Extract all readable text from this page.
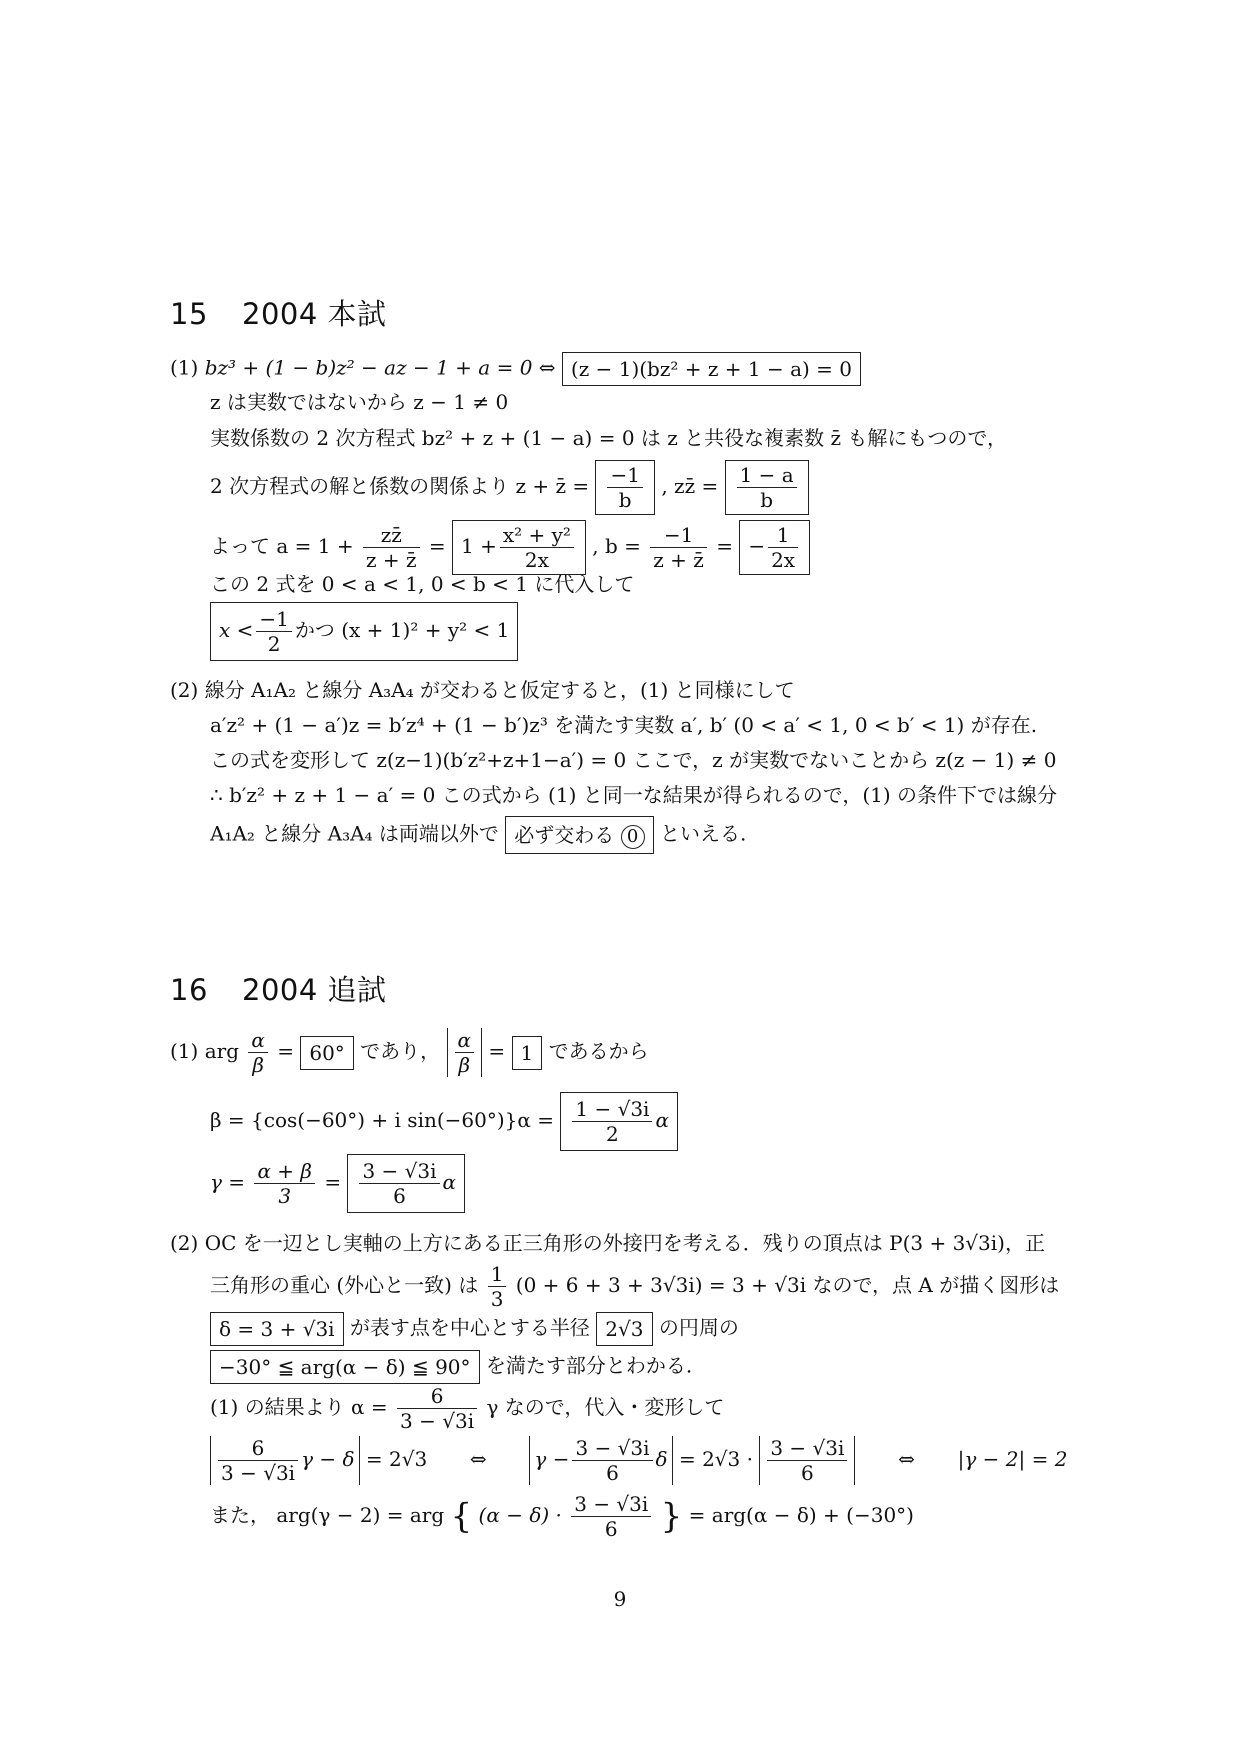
15 2004 本試
(1) bz³ + (1 − b)z² − az − 1 + a = 0 ⇔ (z − 1)(bz² + z + 1 − a) = 0
z は実数ではないから z − 1 ≠ 0
実数係数の 2 次方程式 bz² + z + (1 − a) = 0 は z と共役な複素数 z̄ も解にもつので，
2 次方程式の解と係数の関係より z + z̄ = $\frac{-1}{b}$ , zz̄ = $\frac{1 - a}{b}$
よって $a = 1 + \frac{zz̄}{z + z̄} = 1 + \frac{\text{x² + y²}}{2x}$ , $b = \frac{-1}{z + z̄}$ = − $\frac{1}{2x}$
この 2 式を 0 < a < 1, 0 < b < 1 に代入して
$x < \frac{-1}{2}$ かつ (x + 1)² + y² < 1
(2) 線分 A₁A₂ と線分 A₃A₄ が交わると仮定すると，(1) と同様にして
a′z² + (1 − a′)z = b′z⁴ + (1 − b′)z³ を満たす実数 a′, b′ (0 < a′ < 1, 0 < b′ < 1) が存在.
この式を変形して z(z−1)(b′z²+z+1−a′) = 0 ここで，z が実数でないことから z(z − 1) ≠ 0
∴ b′z² + z + 1 − a′ = 0 この式から (1) と同一な結果が得られるので，(1) の条件下では線分
A₁A₂ と線分 A₃A₄ は両端以外で 必ず交わる 0 といえる.
16 2004 追試
(1) arg $\frac{\alpha}{\beta} = 60^\circ$ であり， $\frac{\alpha}{\beta} = 1$ であるから
β = {cos(−60°) + i $\sin(-60^\circ)\}\alpha = \frac{1 - √3i}{2}$ α
$\gamma = \frac{\alpha + \beta}{3} = \frac{3 - √3i}{6}$ α
(2) OC を一辺とし実軸の上方にある正三角形の外接円を考える．残りの頂点は P(3 + 3√3i)，正
三角形の重心 (外心と一致) は $\frac{1}{3} (0 + 6 + 3 + 3√3i) = 3 + √3i$ なので，点 A が描く図形は
δ = 3 + √3i が表す点を中心とする半径 2√3 の円周の
−30° ≦ arg(α − δ) ≦ 90° を満たす部分とわかる.
(1) の結果より $\alpha = \frac{6}{3 - √3i}$ γ なので，代入・変形して
$\frac{6}{3 - √3i}$ γ − δ = 2√3 ⇔ $\gamma - \frac{3 - √3i}{6}$ $\delta = 2√3 \cdot \frac{3 - √3i}{6}$	⇔ |γ − 2| = 2
また， arg(γ − 2) = arg { $(\alpha - \delta) \cdot \frac{3 - √3i}{6}$ } = arg(α − δ) + (−30°)
9
